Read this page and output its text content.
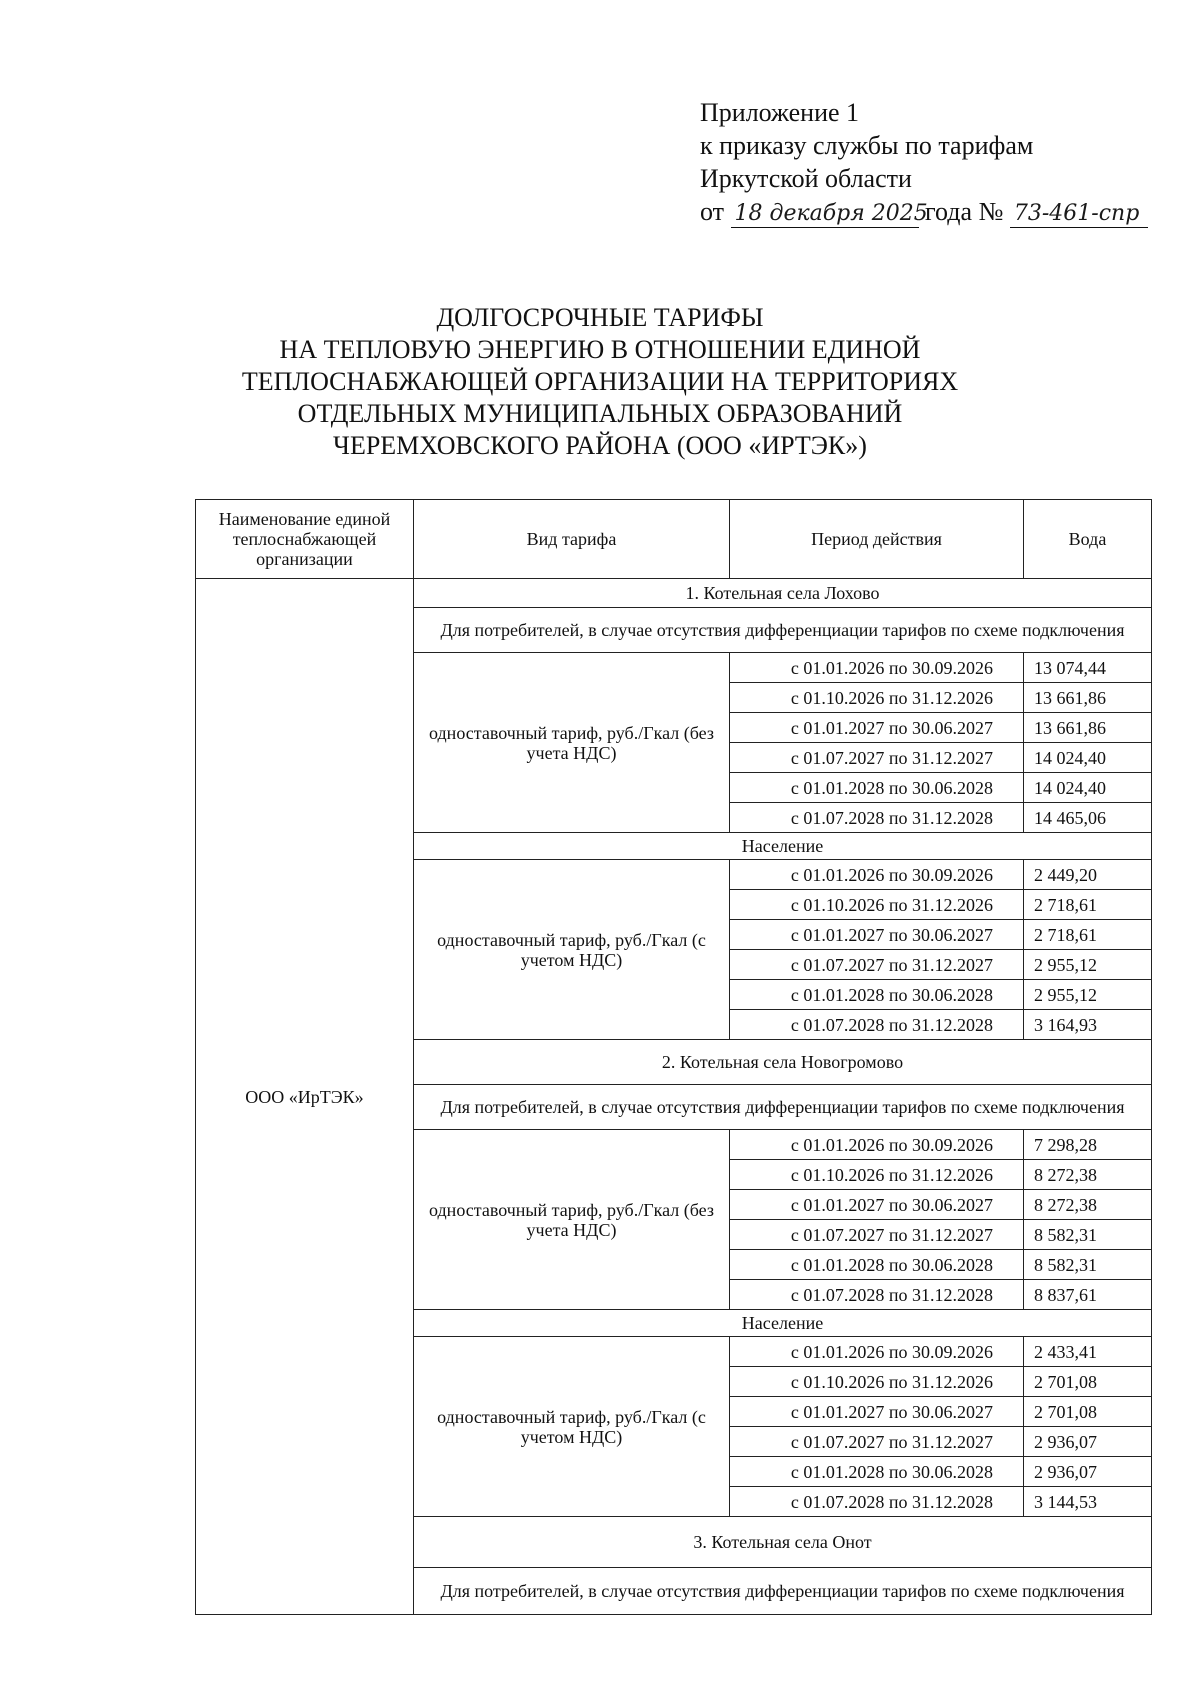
Приложение 1
к приказу службы по тарифам
Иркутской области
от 18 декабря 2025 года № 73-461-спр
ДОЛГОСРОЧНЫЕ ТАРИФЫ
НА ТЕПЛОВУЮ ЭНЕРГИЮ В ОТНОШЕНИИ ЕДИНОЙ
ТЕПЛОСНАБЖАЮЩЕЙ ОРГАНИЗАЦИИ НА ТЕРРИТОРИЯХ
ОТДЕЛЬНЫХ МУНИЦИПАЛЬНЫХ ОБРАЗОВАНИЙ
ЧЕРЕМХОВСКОГО РАЙОНА (ООО «ИРТЭК»)
Наименование единой теплоснабжающей организации	Вид тарифа	Период действия	Вода
ООО «ИрТЭК»	1. Котельная села Лохово		
	Для потребителей, в случае отсутствия дифференциации тарифов по схеме подключения		
	одноставочный тариф, руб./Гкал (без учета НДС)	с 01.01.2026 по 30.09.2026	13 074,44
		с 01.10.2026 по 31.12.2026	13 661,86
		с 01.01.2027 по 30.06.2027	13 661,86
		с 01.07.2027 по 31.12.2027	14 024,40
		с 01.01.2028 по 30.06.2028	14 024,40
		с 01.07.2028 по 31.12.2028	14 465,06
	Население		
	одноставочный тариф, руб./Гкал (с учетом НДС)	с 01.01.2026 по 30.09.2026	2 449,20
		с 01.10.2026 по 31.12.2026	2 718,61
		с 01.01.2027 по 30.06.2027	2 718,61
		с 01.07.2027 по 31.12.2027	2 955,12
		с 01.01.2028 по 30.06.2028	2 955,12
		с 01.07.2028 по 31.12.2028	3 164,93
	2. Котельная села Новогромово		
	Для потребителей, в случае отсутствия дифференциации тарифов по схеме подключения		
	одноставочный тариф, руб./Гкал (без учета НДС)	с 01.01.2026 по 30.09.2026	7 298,28
		с 01.10.2026 по 31.12.2026	8 272,38
		с 01.01.2027 по 30.06.2027	8 272,38
		с 01.07.2027 по 31.12.2027	8 582,31
		с 01.01.2028 по 30.06.2028	8 582,31
		с 01.07.2028 по 31.12.2028	8 837,61
	Население		
	одноставочный тариф, руб./Гкал (с учетом НДС)	с 01.01.2026 по 30.09.2026	2 433,41
		с 01.10.2026 по 31.12.2026	2 701,08
		с 01.01.2027 по 30.06.2027	2 701,08
		с 01.07.2027 по 31.12.2027	2 936,07
		с 01.01.2028 по 30.06.2028	2 936,07
		с 01.07.2028 по 31.12.2028	3 144,53
	3. Котельная села Онот		
	Для потребителей, в случае отсутствия дифференциации тарифов по схеме подключения		
